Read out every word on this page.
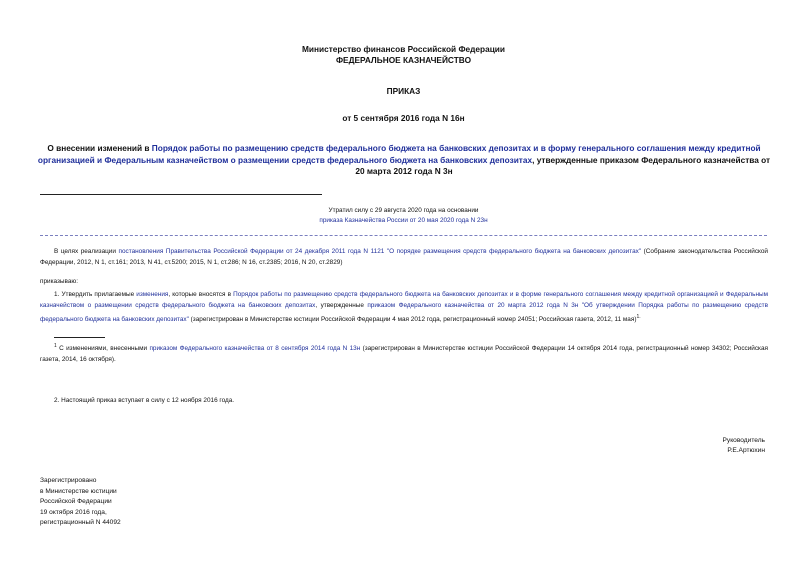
Министерство финансов Российской Федерации
ФЕДЕРАЛЬНОЕ КАЗНАЧЕЙСТВО
ПРИКАЗ
от 5 сентября 2016 года N 16н
О внесении изменений в Порядок работы по размещению средств федерального бюджета на банковских депозитах и в форму генерального соглашения между кредитной организацией и Федеральным казначейством о размещении средств федерального бюджета на банковских депозитах, утвержденные приказом Федерального казначейства от 20 марта 2012 года N 3н
Утратил силу с 29 августа 2020 года на основании
приказа Казначейства России от 20 мая 2020 года N 23н
В целях реализации постановления Правительства Российской Федерации от 24 декабря 2011 года N 1121 "О порядке размещения средств федерального бюджета на банковских депозитах" (Собрание законодательства Российской Федерации, 2012, N 1, ст.161; 2013, N 41, ст.5200; 2015, N 1, ст.286; N 16, ст.2385; 2016, N 20, ст.2829)
приказываю:
1. Утвердить прилагаемые изменения, которые вносятся в Порядок работы по размещению средств федерального бюджета на банковских депозитах и в форме генерального соглашения между кредитной организацией и Федеральным казначейством о размещении средств федерального бюджета на банковских депозитах, утвержденные приказом Федерального казначейства от 20 марта 2012 года N 3н "Об утверждении Порядка работы по размещению средств федерального бюджета на банковских депозитах" (зарегистрирован в Министерстве юстиции Российской Федерации 4 мая 2012 года, регистрационный номер 24051; Российская газета, 2012, 11 мая)$^{1.}$
$^1$ С изменениями, внесенными приказом Федерального казначейства от 8 сентября 2014 года N 13н (зарегистрирован в Министерстве юстиции Российской Федерации 14 октября 2014 года, регистрационный номер 34302; Российская газета, 2014, 16 октября).
2. Настоящий приказ вступает в силу с 12 ноября 2016 года.
Руководитель
Р.Е.Артюхин
Зарегистрировано
в Министерстве юстиции
Российской Федерации
19 октября 2016 года,
регистрационный N 44092
